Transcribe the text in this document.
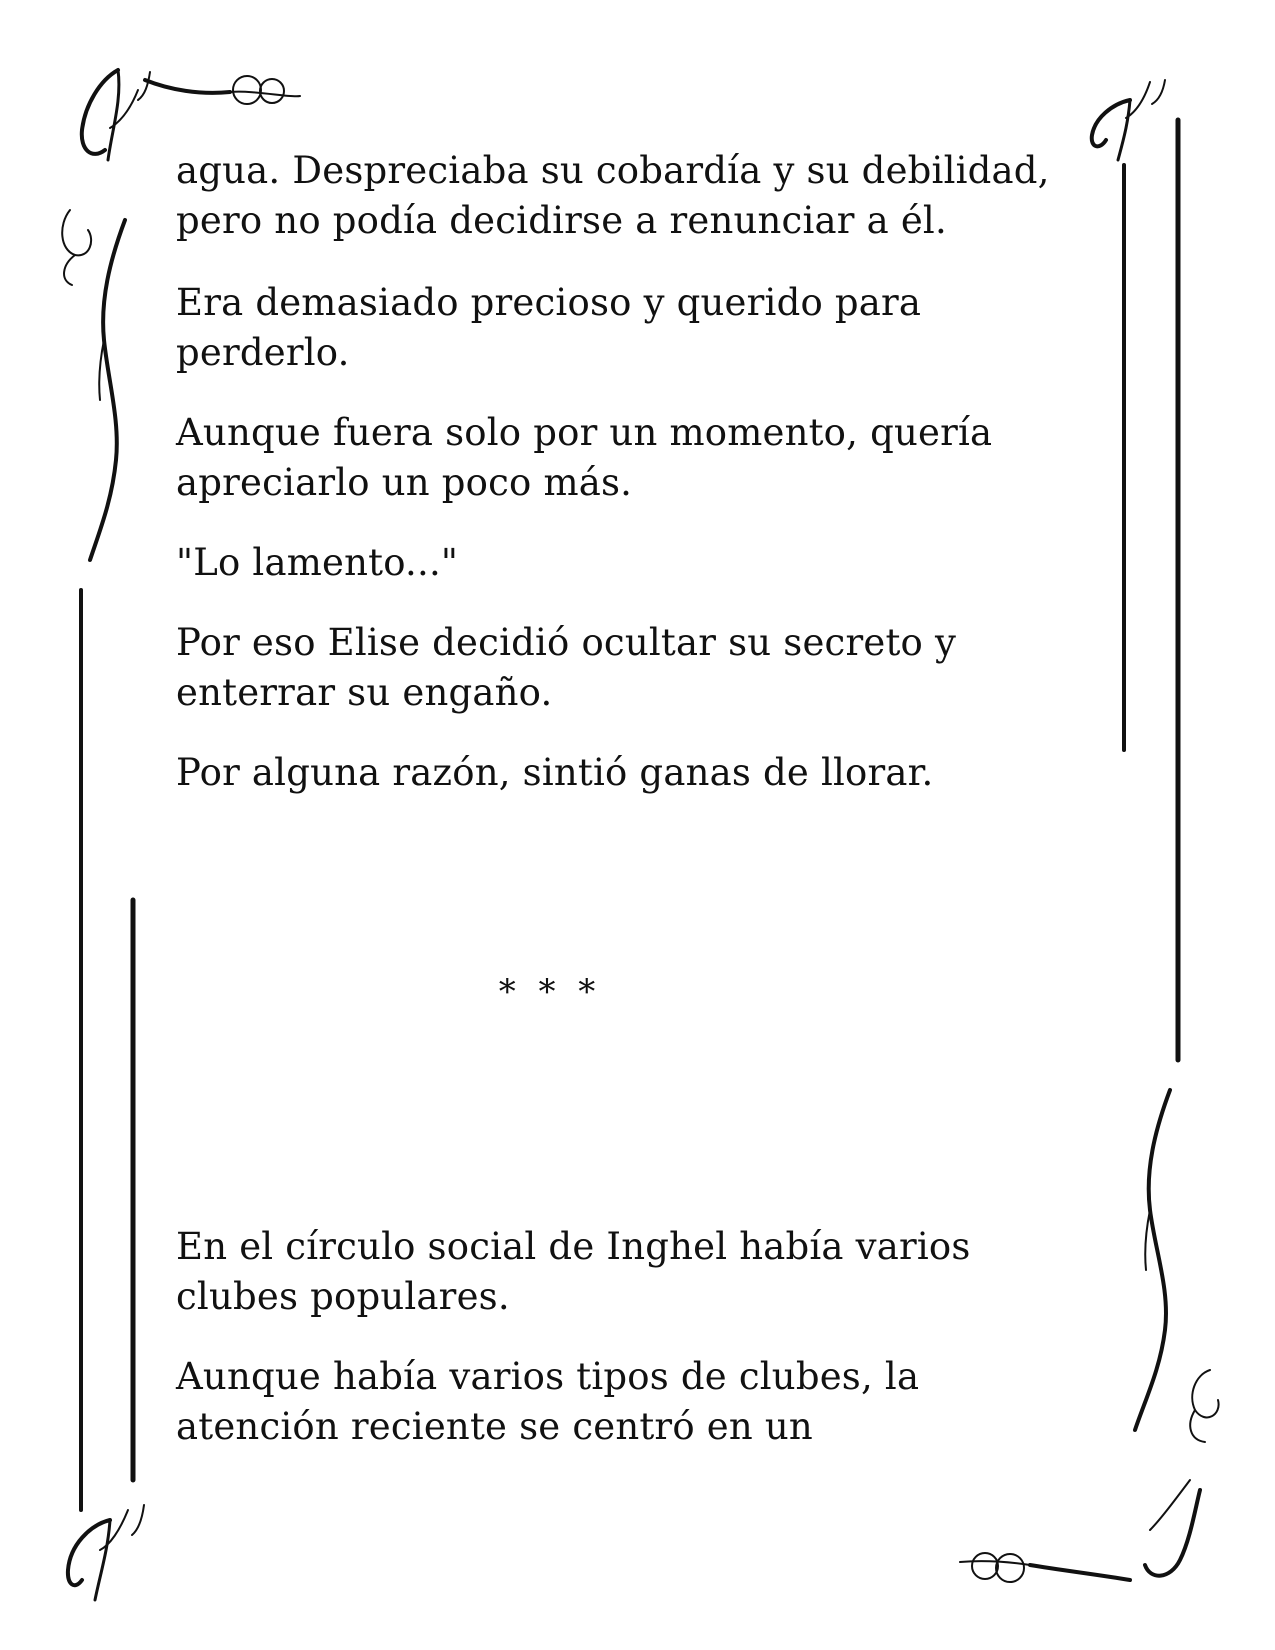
agua. Despreciaba su cobardía y su debilidad,
pero no podía decidirse a renunciar a él.

Era demasiado precioso y querido para
perderlo.

Aunque fuera solo por un momento, quería
apreciarlo un poco más.

"Lo lamento..."

Por eso Elise decidió ocultar su secreto y
enterrar su engaño.

Por alguna razón, sintió ganas de llorar.

En el círculo social de Inghel había varios
clubes populares.

Aunque había varios tipos de clubes, la
atención reciente se centró en un

* * *
